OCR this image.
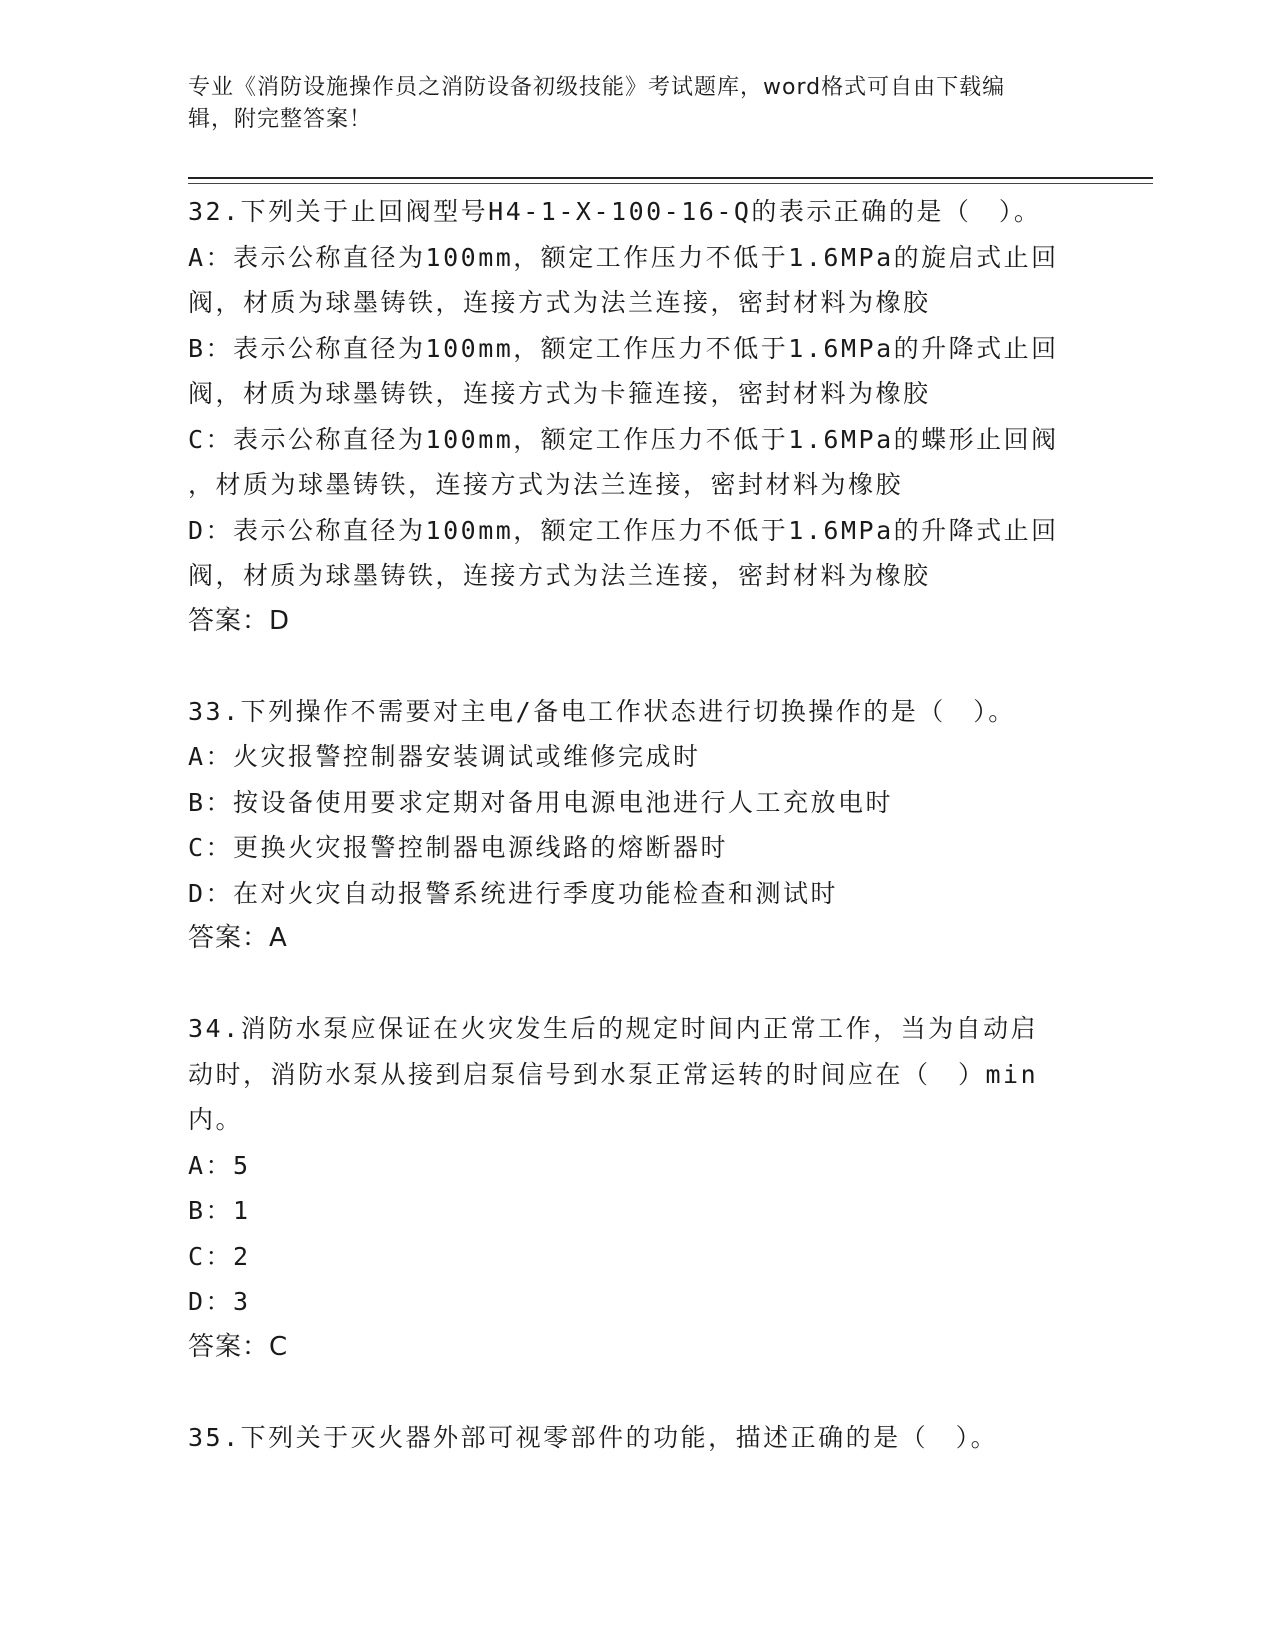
专业《消防设施操作员之消防设备初级技能》考试题库，word格式可自由下载编
辑，附完整答案！
32.下列关于止回阀型号H4-1-X-100-16-Q的表示正确的是（　）。
A：表示公称直径为100mm，额定工作压力不低于1.6MPa的旋启式止回
阀，材质为球墨铸铁，连接方式为法兰连接，密封材料为橡胶
B：表示公称直径为100mm，额定工作压力不低于1.6MPa的升降式止回
阀，材质为球墨铸铁，连接方式为卡箍连接，密封材料为橡胶
C：表示公称直径为100mm，额定工作压力不低于1.6MPa的蝶形止回阀
，材质为球墨铸铁，连接方式为法兰连接，密封材料为橡胶
D：表示公称直径为100mm，额定工作压力不低于1.6MPa的升降式止回
阀，材质为球墨铸铁，连接方式为法兰连接，密封材料为橡胶
答案：D
33.下列操作不需要对主电/备电工作状态进行切换操作的是（　）。
A：火灾报警控制器安装调试或维修完成时
B：按设备使用要求定期对备用电源电池进行人工充放电时
C：更换火灾报警控制器电源线路的熔断器时
D：在对火灾自动报警系统进行季度功能检查和测试时
答案：A
34.消防水泵应保证在火灾发生后的规定时间内正常工作，当为自动启
动时，消防水泵从接到启泵信号到水泵正常运转的时间应在（　）min
内。
A：5
B：1
C：2
D：3
答案：C
35.下列关于灭火器外部可视零部件的功能，描述正确的是（　）。
